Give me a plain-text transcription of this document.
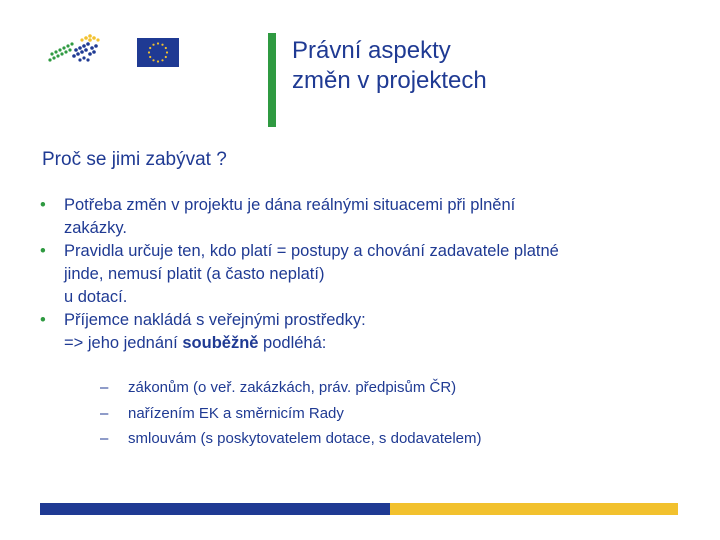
Právní aspekty
změn v projektech
Proč se jimi zabývat ?
•	Potřeba změn v projektu je dána reálnými situacemi při plnění
zakázky.
•	Pravidla určuje ten, kdo platí = postupy a chování zadavatele platné
jinde, nemusí platit (a často neplatí)
u dotací.
•	Příjemce nakládá s veřejnými prostředky:
=> jeho jednání souběžně podléhá:
–	zákonům (o veř. zakázkách, práv. předpisům ČR)
–	nařízením EK a směrnicím Rady
–	smlouvám (s poskytovatelem dotace, s dodavatelem)
